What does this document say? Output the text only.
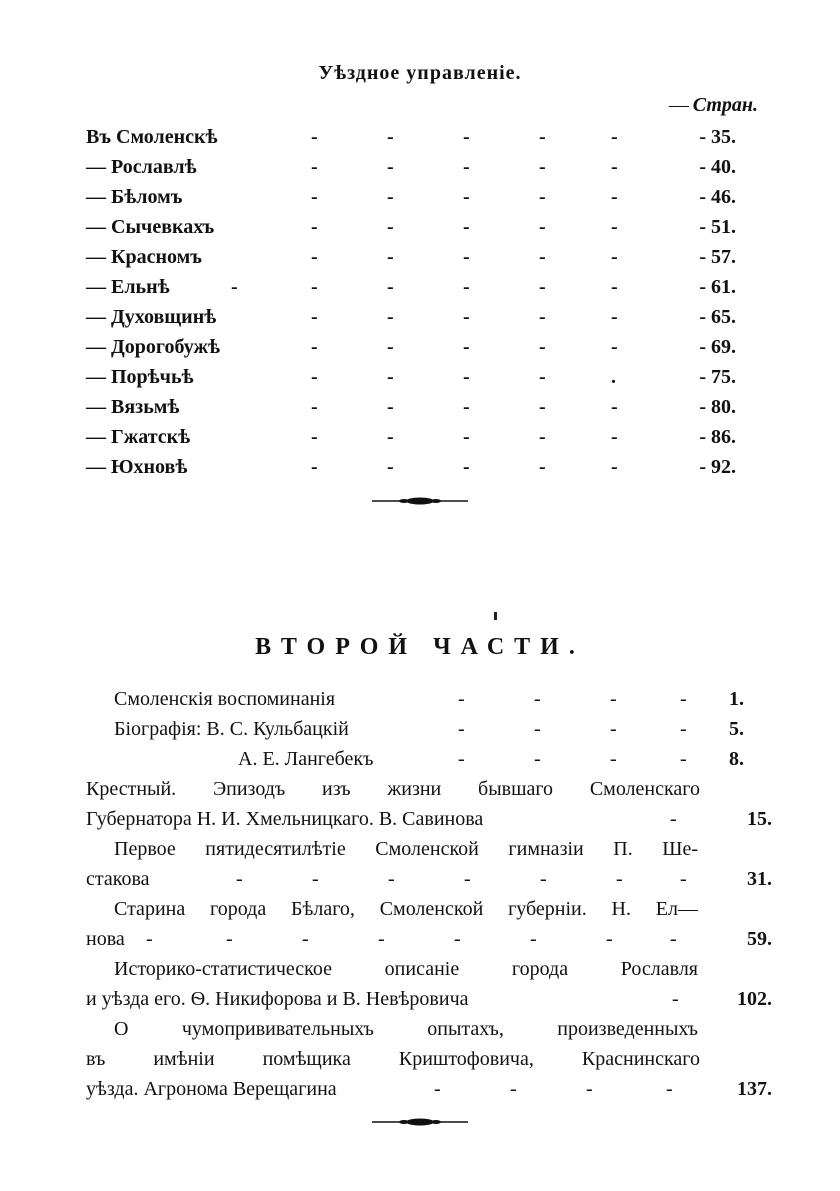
Уѣздное управленіе.
— Стран.
Въ Смоленскѣ	-	-	-	-	-	- 35.
— Рославлѣ	-	-	-	-	-	- 40.
— Бѣломъ	-	-	-	-	-	- 46.
— Сычевкахъ	-	-	-	-	-	- 51.
— Красномъ	-	-	-	-	-	- 57.
— Ельнѣ	-	-	-	-	-	-	- 61.
— Духовщинѣ	-	-	-	-	-	- 65.
— Дорогобужѣ	-	-	-	-	-	- 69.
— Порѣчьѣ	-	-	-	-	.	- 75.
— Вязьмѣ	-	-	-	-	-	- 80.
— Гжатскѣ	-	-	-	-	-	- 86.
— Юхновѣ	-	-	-	-	-	- 92.
ВТОРОЙ ЧАСТИ.
Смоленскія воспоминанія	-	-	-	- 1.
Біографія: В. С. Кульбацкій	-	-	-	- 5.
А. Е. Лангебекъ	-	-	-	- 8.
Крестный. Эпизодъ изъ жизни бывшаго Смоленскаго
Губернатора Н. И. Хмельницкаго. В. Савинова	-	15.
Первое пятидесятилѣтіе Смоленской гимназіи П. Ше-
стакова	-	-	-	-	-	-	-	31.
Старина города Бѣлаго, Смоленской губерніи. Н. Ел—
нова -	-	-	-	-	-	-	-	59.
Историко-статистическое описаніе города Рославля
и уѣзда его. Ѳ. Никифорова и В. Невѣровича	-	102.
О чумопрививательныхъ опытахъ, произведенныхъ
въ имѣніи помѣщика Криштофовича, Краснинскаго
уѣзда. Агронома Верещагина	-	-	-	-	137.
